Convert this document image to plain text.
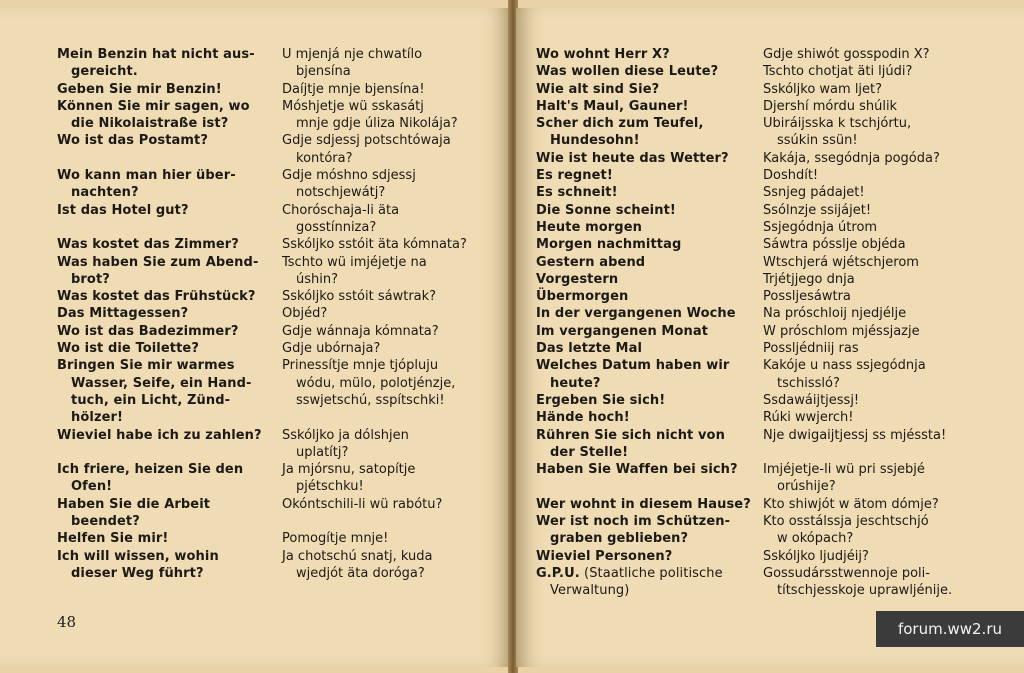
Mein Benzin hat nicht aus-
gereicht.
Geben Sie mir Benzin!
Können Sie mir sagen, wo
die Nikolaistraße ist?
Wo ist das Postamt?
Wo kann man hier über-
nachten?
Ist das Hotel gut?
Was kostet das Zimmer?
Was haben Sie zum Abend-
brot?
Was kostet das Frühstück?
Das Mittagessen?
Wo ist das Badezimmer?
Wo ist die Toilette?
Bringen Sie mir warmes
Wasser, Seife, ein Hand-
tuch, ein Licht, Zünd-
hölzer!
Wieviel habe ich zu zahlen?
Ich friere, heizen Sie den
Ofen!
Haben Sie die Arbeit
beendet?
Helfen Sie mir!
Ich will wissen, wohin
dieser Weg führt?
U mjenjá nje chwatílo
bjensína
Daíjtje mnje bjensína!
Móshjetje wü sskasátj
mnje gdje úliza Nikolája?
Gdje sdjessj potschtówaja
kontóra?
Gdje móshno sdjessj
notschjewátj?
Choróschaja-li äta
gosstínniza?
Sskóljko sstóit äta kómnata?
Tschto wü imjéjetje na
úshin?
Sskóljko sstóit sáwtrak?
Objéd?
Gdje wánnaja kómnata?
Gdje ubórnaja?
Prinessítje mnje tjópluju
wódu, mülo, polotjénzje,
sswjetschú, sspítschki!
Sskóljko ja dólshjen
uplatítj?
Ja mjórsnu, satopítje
pjétschku!
Okóntschili-li wü rabótu?
Pomogítje mnje!
Ja chotschú snatj, kuda
wjedjót äta doróga?
48
Wo wohnt Herr X?
Was wollen diese Leute?
Wie alt sind Sie?
Halt's Maul, Gauner!
Scher dich zum Teufel,
Hundesohn!
Wie ist heute das Wetter?
Es regnet!
Es schneit!
Die Sonne scheint!
Heute morgen
Morgen nachmittag
Gestern abend
Vorgestern
Übermorgen
In der vergangenen Woche
Im vergangenen Monat
Das letzte Mal
Welches Datum haben wir
heute?
Ergeben Sie sich!
Hände hoch!
Rühren Sie sich nicht von
der Stelle!
Haben Sie Waffen bei sich?
Wer wohnt in diesem Hause?
Wer ist noch im Schützen-
graben geblieben?
Wieviel Personen?
G.P.U. (Staatliche politische
Verwaltung)
Gdje shiwót gosspodin X?
Tschto chotjat äti ljúdi?
Sskóljko wam ljet?
Djershí mórdu shúlik
Ubiráijsska k tschjórtu,
ssúkin ssün!
Kakája, ssegódnja pogóda?
Doshdít!
Ssnjeg pádajet!
Ssólnzje ssijájet!
Ssjegódnja útrom
Sáwtra pósslje objéda
Wtschjerá wjétschjerom
Trjétjjego dnja
Possljesáwtra
Na próschloij njedjélje
W próschlom mjéssjazje
Possljédniij ras
Kakóje u nass ssjegódnja
tschissló?
Ssdawáijtjessj!
Rúki wwjerch!
Nje dwigaijtjessj ss mjéssta!
Imjéjetje-li wü pri ssjebjé
orúshije?
Kto shiwjót w ätom dómje?
Kto osstálssja jeschtschjó
w okópach?
Sskóljko ljudjéij?
Gossudársstwennoje poli-
títschjesskoje uprawljénije.
forum.ww2.ru
